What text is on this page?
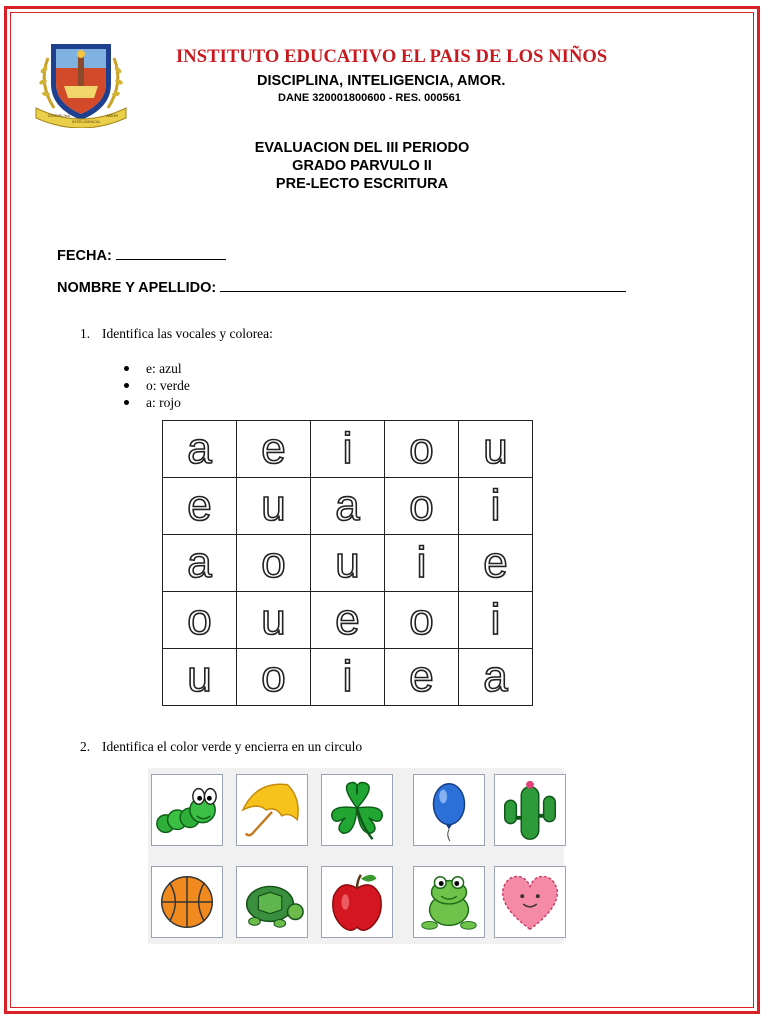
DISCIPLINA
INTELIGENCIA
AMOR
INSTITUTO EDUCATIVO EL PAIS DE LOS NIÑOS
DISCIPLINA, INTELIGENCIA, AMOR.
DANE 320001800600 - RES. 000561
EVALUACION DEL III PERIODO
GRADO PARVULO II
PRE-LECTO ESCRITURA
FECHA:
NOMBRE Y APELLIDO:
1. Identifica las vocales y colorea:
e: azul
o: verde
a: rojo
a	e	i	o	u
e	u	a	o	i
a	o	u	i	e
o	u	e	o	i
u	o	i	e	a
2. Identifica el color verde y encierra en un circulo
